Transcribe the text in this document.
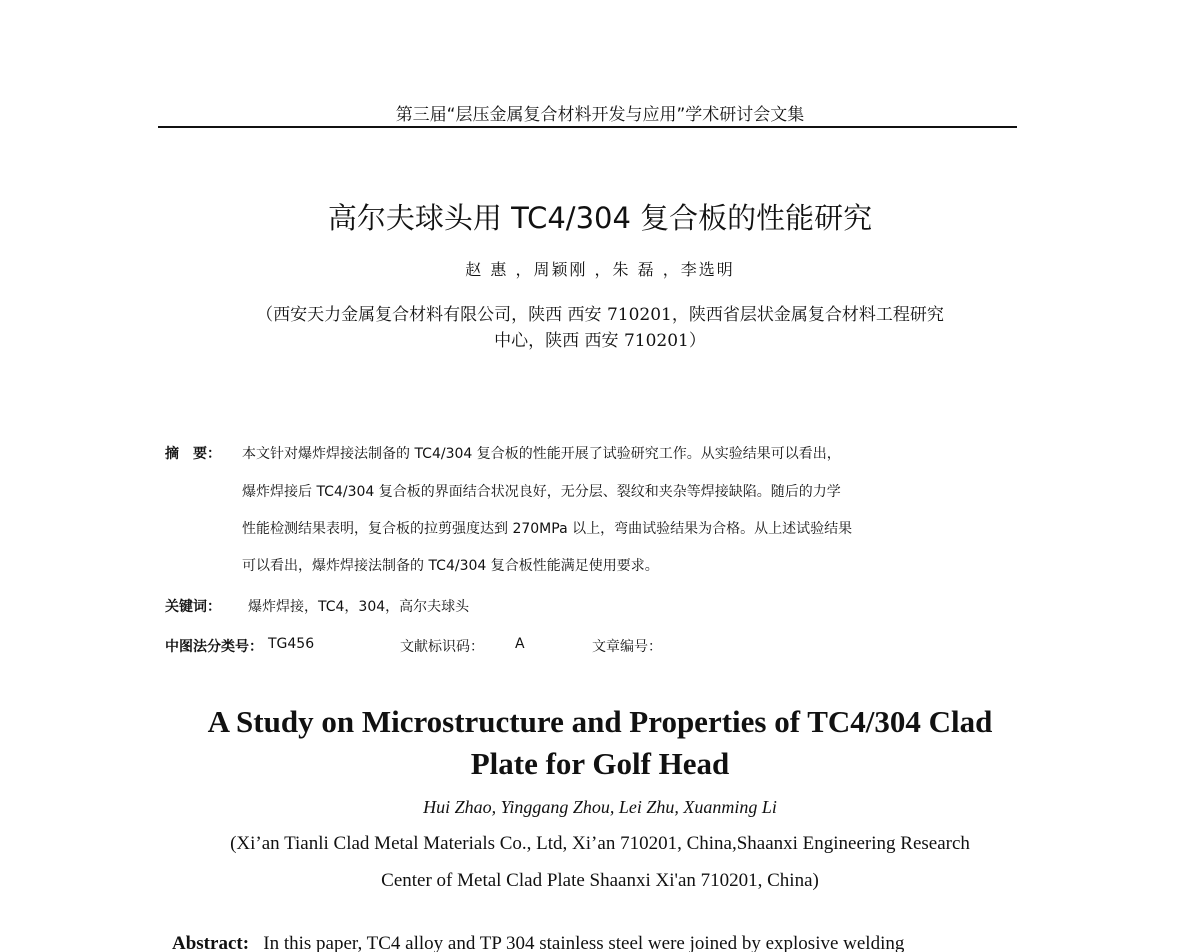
第三届“层压金属复合材料开发与应用”学术研讨会文集
高尔夫球头用 TC4/304 复合板的性能研究
赵 惠 ，周颖刚 ，朱 磊 ，李选明
（西安天力金属复合材料有限公司，陕西 西安 710201，陕西省层状金属复合材料工程研究
中心，陕西 西安 710201）
摘　要： 本文针对爆炸焊接法制备的 TC4/304 复合板的性能开展了试验研究工作。从实验结果可以看出，
爆炸焊接后 TC4/304 复合板的界面结合状况良好，无分层、裂纹和夹杂等焊接缺陷。随后的力学
性能检测结果表明，复合板的拉剪强度达到 270MPa 以上，弯曲试验结果为合格。从上述试验结果
可以看出，爆炸焊接法制备的 TC4/304 复合板性能满足使用要求。
关键词： 爆炸焊接，TC4，304，高尔夫球头
中图法分类号： TG456	文献标识码： A	文章编号：
A Study on Microstructure and Properties of TC4/304 Clad
Plate for Golf Head
Hui Zhao, Yinggang Zhou, Lei Zhu, Xuanming Li
(Xi’an Tianli Clad Metal Materials Co., Ltd, Xi’an 710201, China,Shaanxi Engineering Research
Center of Metal Clad Plate Shaanxi Xi'an 710201, China)
Abstract: In this paper, TC4 alloy and TP 304 stainless steel were joined by explosive welding
